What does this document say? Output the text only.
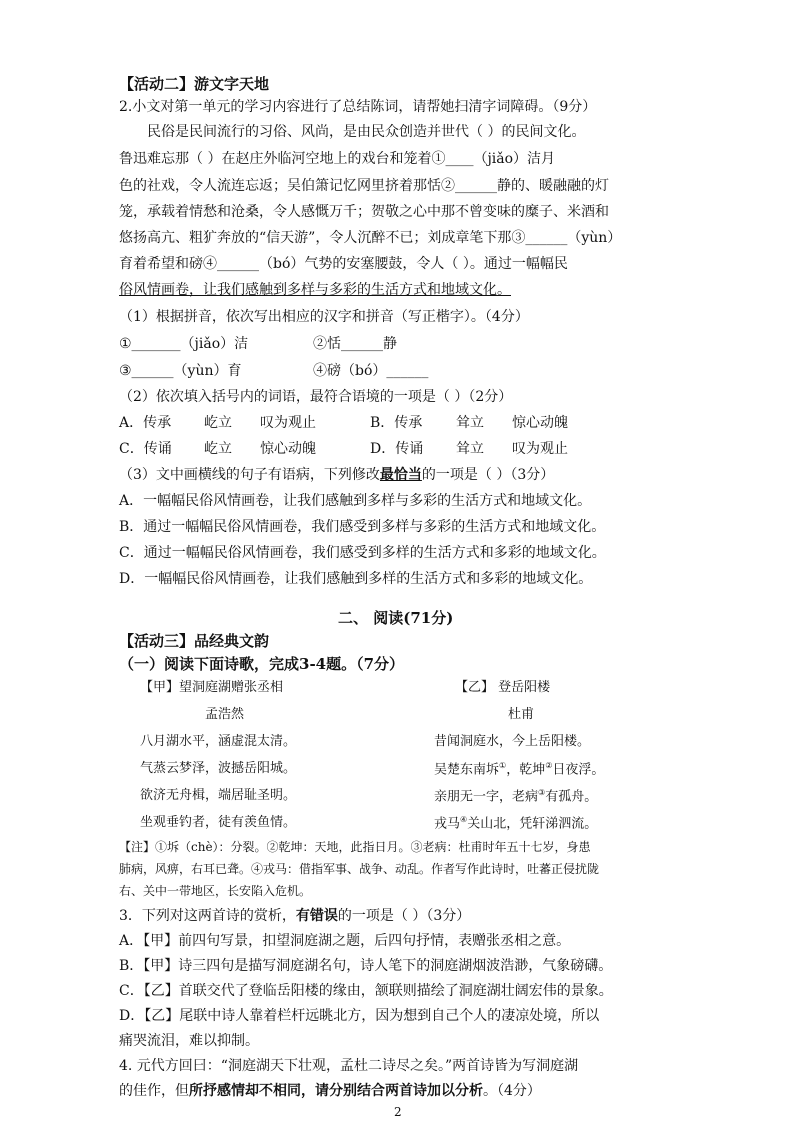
【活动二】游文字天地
2.小文对第一单元的学习内容进行了总结陈词，请帮她扫清字词障碍。（9分）
民俗是民间流行的习俗、风尚，是由民众创造并世代（ ）的民间文化。
鲁迅难忘那（ ）在赵庄外临河空地上的戏台和笼着①____（jiǎo）洁月
色的社戏，令人流连忘返；吴伯箫记忆网里挤着那恬②______静的、暖融融的灯
笼，承载着情愁和沧桑，令人感慨万千；贺敬之心中那不曾变味的糜子、米酒和
悠扬高亢、粗犷奔放的“信天游”，令人沉醉不已；刘成章笔下那③______（yùn）
育着希望和磅④______（bó）气势的安塞腰鼓，令人（ ）。通过一幅幅民
俗风情画卷，让我们感触到多样与多彩的生活方式和地域文化。
（1）根据拼音，依次写出相应的汉字和拼音（写正楷字）。（4分）
①_______（jiǎo）洁	②恬______静
③______（yùn）育	④磅（bó）______
（2）依次填入括号内的词语，最符合语境的一项是（ ）（2分）
A．传承 屹立 叹为观止	B．传承 耸立 惊心动魄
C．传诵 屹立 惊心动魄	D．传诵 耸立 叹为观止
（3）文中画横线的句子有语病，下列修改最恰当的一项是（ ）（3分）
A．一幅幅民俗风情画卷，让我们感触到多样与多彩的生活方式和地域文化。
B．通过一幅幅民俗风情画卷，我们感受到多样与多彩的生活方式和地域文化。
C．通过一幅幅民俗风情画卷，我们感受到多样的生活方式和多彩的地域文化。
D．一幅幅民俗风情画卷，让我们感触到多样的生活方式和多彩的地域文化。
二、 阅读(71分)
【活动三】品经典文韵
（一）阅读下面诗歌，完成3-4题。（7分）
【甲】望洞庭湖赠张丞相
孟浩然
八月湖水平，涵虚混太清。
气蒸云梦泽，波撼岳阳城。
欲济无舟楫，端居耻圣明。
坐观垂钓者，徒有羡鱼情。
【乙】 登岳阳楼
杜甫
昔闻洞庭水，今上岳阳楼。
吴楚东南坼①，乾坤②日夜浮。
亲朋无一字，老病③有孤舟。
戎马④关山北，凭轩涕泗流。
【注】①坼（chè）：分裂。②乾坤：天地，此指日月。③老病：杜甫时年五十七岁，身患
肺病，风痹，右耳已聋。④戎马：借指军事、战争、动乱。作者写作此诗时，吐蕃正侵扰陇
右、关中一带地区，长安陷入危机。
3．下列对这两首诗的赏析，有错误的一项是（ ）（3分）
A．【甲】前四句写景，扣望洞庭湖之题，后四句抒情，表赠张丞相之意。
B．【甲】诗三四句是描写洞庭湖名句，诗人笔下的洞庭湖烟波浩渺，气象磅礴。
C．【乙】首联交代了登临岳阳楼的缘由，颔联则描绘了洞庭湖壮阔宏伟的景象。
D．【乙】尾联中诗人靠着栏杆远眺北方，因为想到自己个人的凄凉处境，所以
痛哭流泪，难以抑制。
4. 元代方回曰：“洞庭湖天下壮观，孟杜二诗尽之矣。”两首诗皆为写洞庭湖
的佳作，但所抒感情却不相同，请分别结合两首诗加以分析。（4分）
2
